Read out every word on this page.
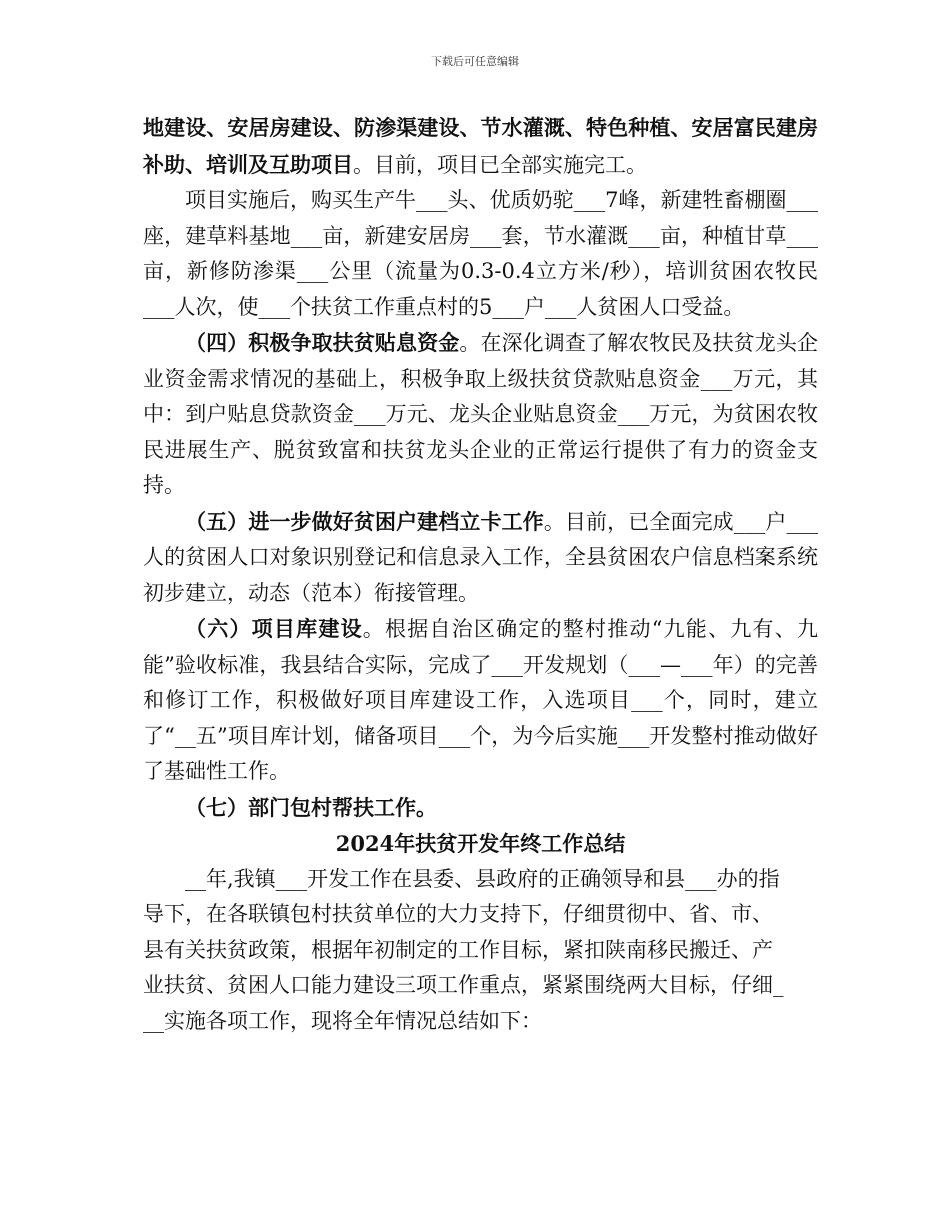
下载后可任意编辑

地建设、安居房建设、防渗渠建设、节水灌溉、特色种植、安居富民建房补助、培训及互助项目。目前，项目已全部实施完工。

项目实施后，购买生产牛___头、优质奶驼___7峰，新建牲畜棚圈___座，建草料基地___亩，新建安居房___套，节水灌溉___亩，种植甘草___亩，新修防渗渠___公里（流量为0.3-0.4立方米/秒），培训贫困农牧民___人次，使___个扶贫工作重点村的5___户___人贫困人口受益。

（四）积极争取扶贫贴息资金。在深化调查了解农牧民及扶贫龙头企业资金需求情况的基础上，积极争取上级扶贫贷款贴息资金___万元，其中：到户贴息贷款资金___万元、龙头企业贴息资金___万元，为贫困农牧民进展生产、脱贫致富和扶贫龙头企业的正常运行提供了有力的资金支持。

（五）进一步做好贫困户建档立卡工作。目前，已全面完成___户___人的贫困人口对象识别登记和信息录入工作，全县贫困农户信息档案系统初步建立，动态（范本）衔接管理。

（六）项目库建设。根据自治区确定的整村推动“九能、九有、九能”验收标准，我县结合实际，完成了___开发规划（___—___年）的完善和修订工作，积极做好项目库建设工作，入选项目___个，同时，建立了“__五”项目库计划，储备项目___个，为今后实施___开发整村推动做好了基础性工作。

（七）部门包村帮扶工作。

2024年扶贫开发年终工作总结

__年,我镇___开发工作在县委、县政府的正确领导和县___办的指
导下，在各联镇包村扶贫单位的大力支持下，仔细贯彻中、省、市、
县有关扶贫政策，根据年初制定的工作目标，紧扣陕南移民搬迁、产
业扶贫、贫困人口能力建设三项工作重点，紧紧围绕两大目标，仔细_
__实施各项工作，现将全年情况总结如下：
